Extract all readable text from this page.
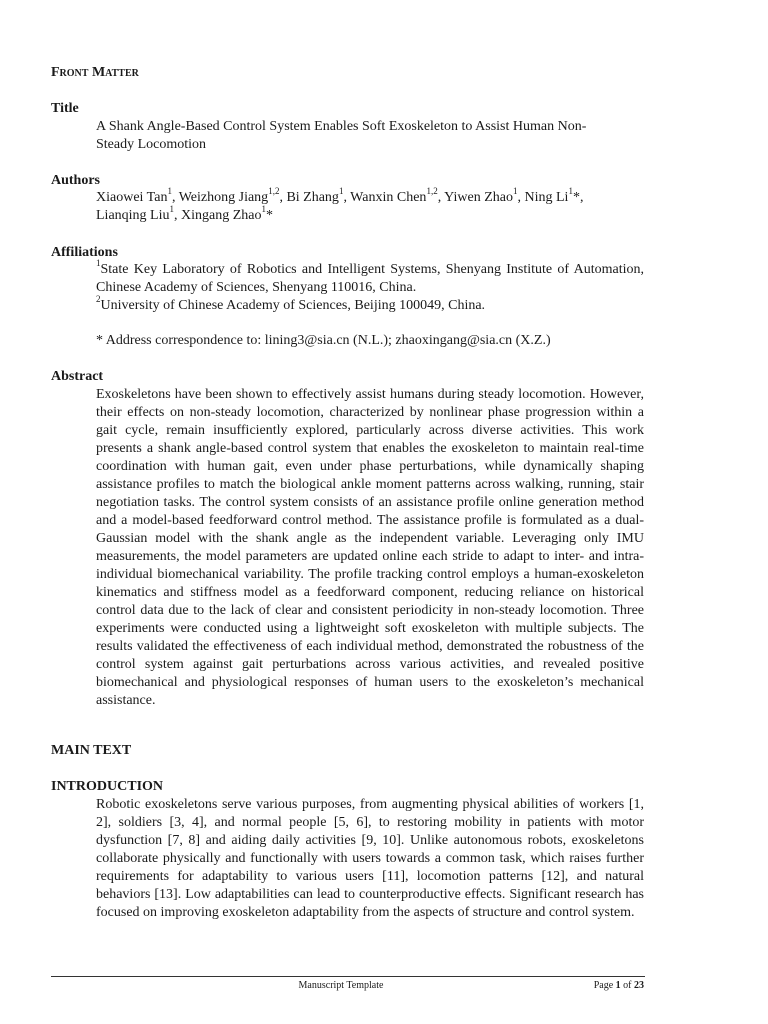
Front Matter
Title
A Shank Angle-Based Control System Enables Soft Exoskeleton to Assist Human Non-
Steady Locomotion
Authors
Xiaowei Tan$^1$, Weizhong Jiang$^{1,2}$, Bi Zhang$^1$, Wanxin Chen$^{1,2}$, Yiwen Zhao$^1$, Ning Li$^1$*,
Lianqing Liu$^1$, Xingang Zhao$^1$*
Affiliations
$^1$State Key Laboratory of Robotics and Intelligent Systems, Shenyang Institute of Automation, Chinese Academy of Sciences, Shenyang 110016, China.
$^2$University of Chinese Academy of Sciences, Beijing 100049, China.
* Address correspondence to: lining3@sia.cn (N.L.); zhaoxingang@sia.cn (X.Z.)
Abstract
Exoskeletons have been shown to effectively assist humans during steady locomotion. However, their effects on non-steady locomotion, characterized by nonlinear phase progression within a gait cycle, remain insufficiently explored, particularly across diverse activities. This work presents a shank angle-based control system that enables the exoskeleton to maintain real-time coordination with human gait, even under phase perturbations, while dynamically shaping assistance profiles to match the biological ankle moment patterns across walking, running, stair negotiation tasks. The control system consists of an assistance profile online generation method and a model-based feedforward control method. The assistance profile is formulated as a dual-Gaussian model with the shank angle as the independent variable. Leveraging only IMU measurements, the model parameters are updated online each stride to adapt to inter- and intra-individual biomechanical variability. The profile tracking control employs a human-exoskeleton kinematics and stiffness model as a feedforward component, reducing reliance on historical control data due to the lack of clear and consistent periodicity in non-steady locomotion. Three experiments were conducted using a lightweight soft exoskeleton with multiple subjects. The results validated the effectiveness of each individual method, demonstrated the robustness of the control system against gait perturbations across various activities, and revealed positive biomechanical and physiological responses of human users to the exoskeleton’s mechanical assistance.
MAIN TEXT
INTRODUCTION
Robotic exoskeletons serve various purposes, from augmenting physical abilities of workers [1, 2], soldiers [3, 4], and normal people [5, 6], to restoring mobility in patients with motor dysfunction [7, 8] and aiding daily activities [9, 10]. Unlike autonomous robots, exoskeletons collaborate physically and functionally with users towards a common task, which raises further requirements for adaptability to various users [11], locomotion patterns [12], and natural behaviors [13]. Low adaptabilities can lead to counterproductive effects. Significant research has focused on improving exoskeleton adaptability from the aspects of structure and control system.
Manuscript Template	Page 1 of 23
